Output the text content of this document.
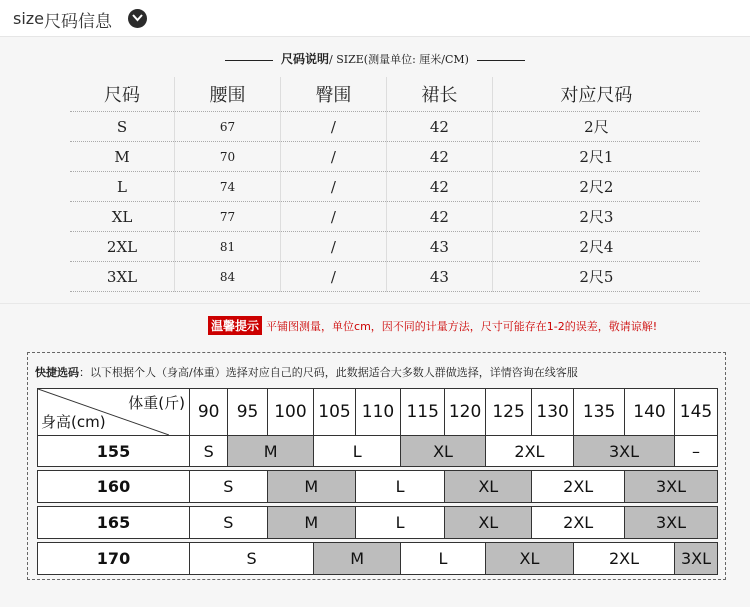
size 尺码信息
尺码说明/ SIZE(测量单位: 厘米/CM)
尺码	腰围	臀围	裙长	对应尺码
S	67	/	42	2尺
M	70	/	42	2尺1
L	74	/	42	2尺2
XL	77	/	42	2尺3
2XL	81	/	43	2尺4
3XL	84	/	43	2尺5
温馨提示 平铺图测量，单位cm，因不同的计量方法，尺寸可能存在1-2的误差，敬请谅解!
快捷选码：以下根据个人（身高/体重）选择对应自己的尺码，此数据适合大多数人群做选择，详情咨询在线客服
体重(斤)
身高(cm)	90	95	100	105	110	115	120	125	130	135	140	145
155	S	M		L		XL		2XL		3XL		–

160	S		M		L		XL		2XL		3XL	

165	S		M		L		XL		2XL		3XL	

170	S			M		L		XL		2XL		3XL
